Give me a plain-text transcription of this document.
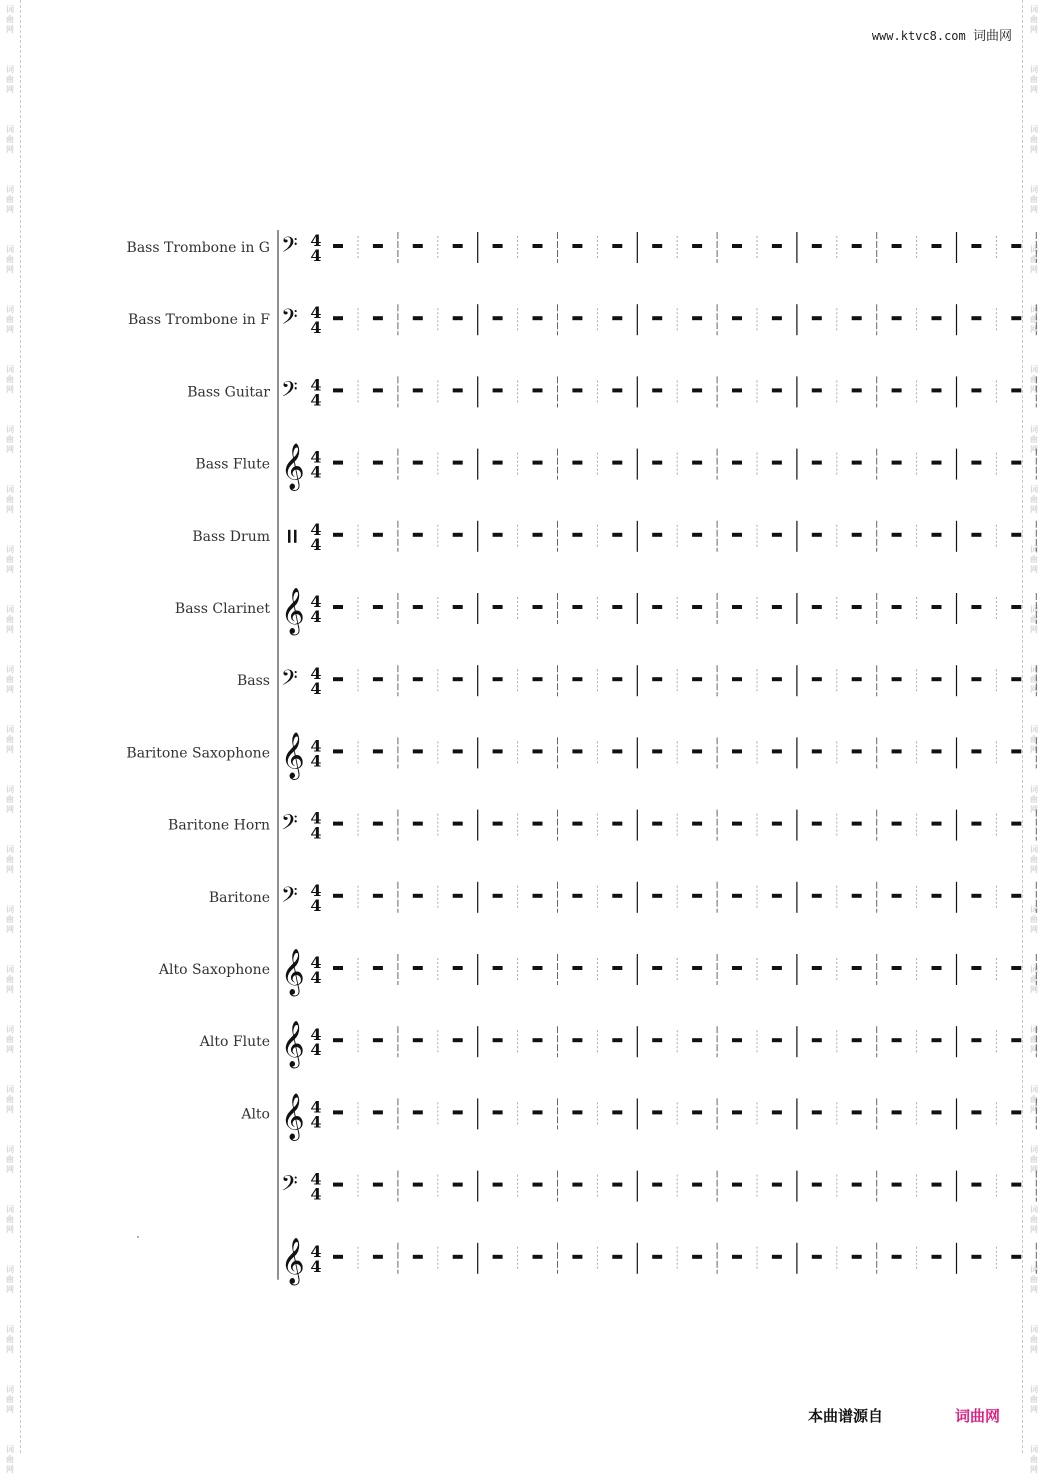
词
曲
网
词
曲
网
词
曲
网
词
曲
网
词
曲
网
词
曲
网
词
曲
网
词
曲
网
词
曲
网
词
曲
网
词
曲
网
词
曲
网
词
曲
网
词
曲
网
词
曲
网
词
曲
网
词
曲
网
词
曲
网
词
曲
网
词
曲
网
词
曲
网
词
曲
网
词
曲
网
词
曲
网
词
曲
网
词
曲
网
词
曲
网
词
曲
网
词
曲
网
词
曲
网
词
曲
网
词
曲
网
词
曲
网
词
曲
网
词
曲
网
词
曲
网
词
曲
网
词
曲
网
词
曲
网
词
曲
网
词
曲
网
词
曲
网
词
曲
网
词
曲
网
词
曲
网
词
曲
网
词
曲
网
词
曲
网
词
曲
网
词
曲
网
www.ktvc8.com 词曲网
Bass Trombone in G 𝄢 4
4
Bass Trombone in F 𝄢 4
4
Bass Guitar 𝄢 4
4
Bass Flute 𝄞 4
4
Bass Drum	4
4
Bass Clarinet 𝄞 4
4
Bass 𝄢 4
4
Baritone Saxophone 𝄞 4
4
Baritone Horn 𝄢 4
4
Baritone 𝄢 4
4
Alto Saxophone 𝄞 4
4
Alto Flute 𝄞 4
4
Alto 𝄞 4
4
𝄢 4
4
𝄞 4
4
本曲谱源自	词曲网
